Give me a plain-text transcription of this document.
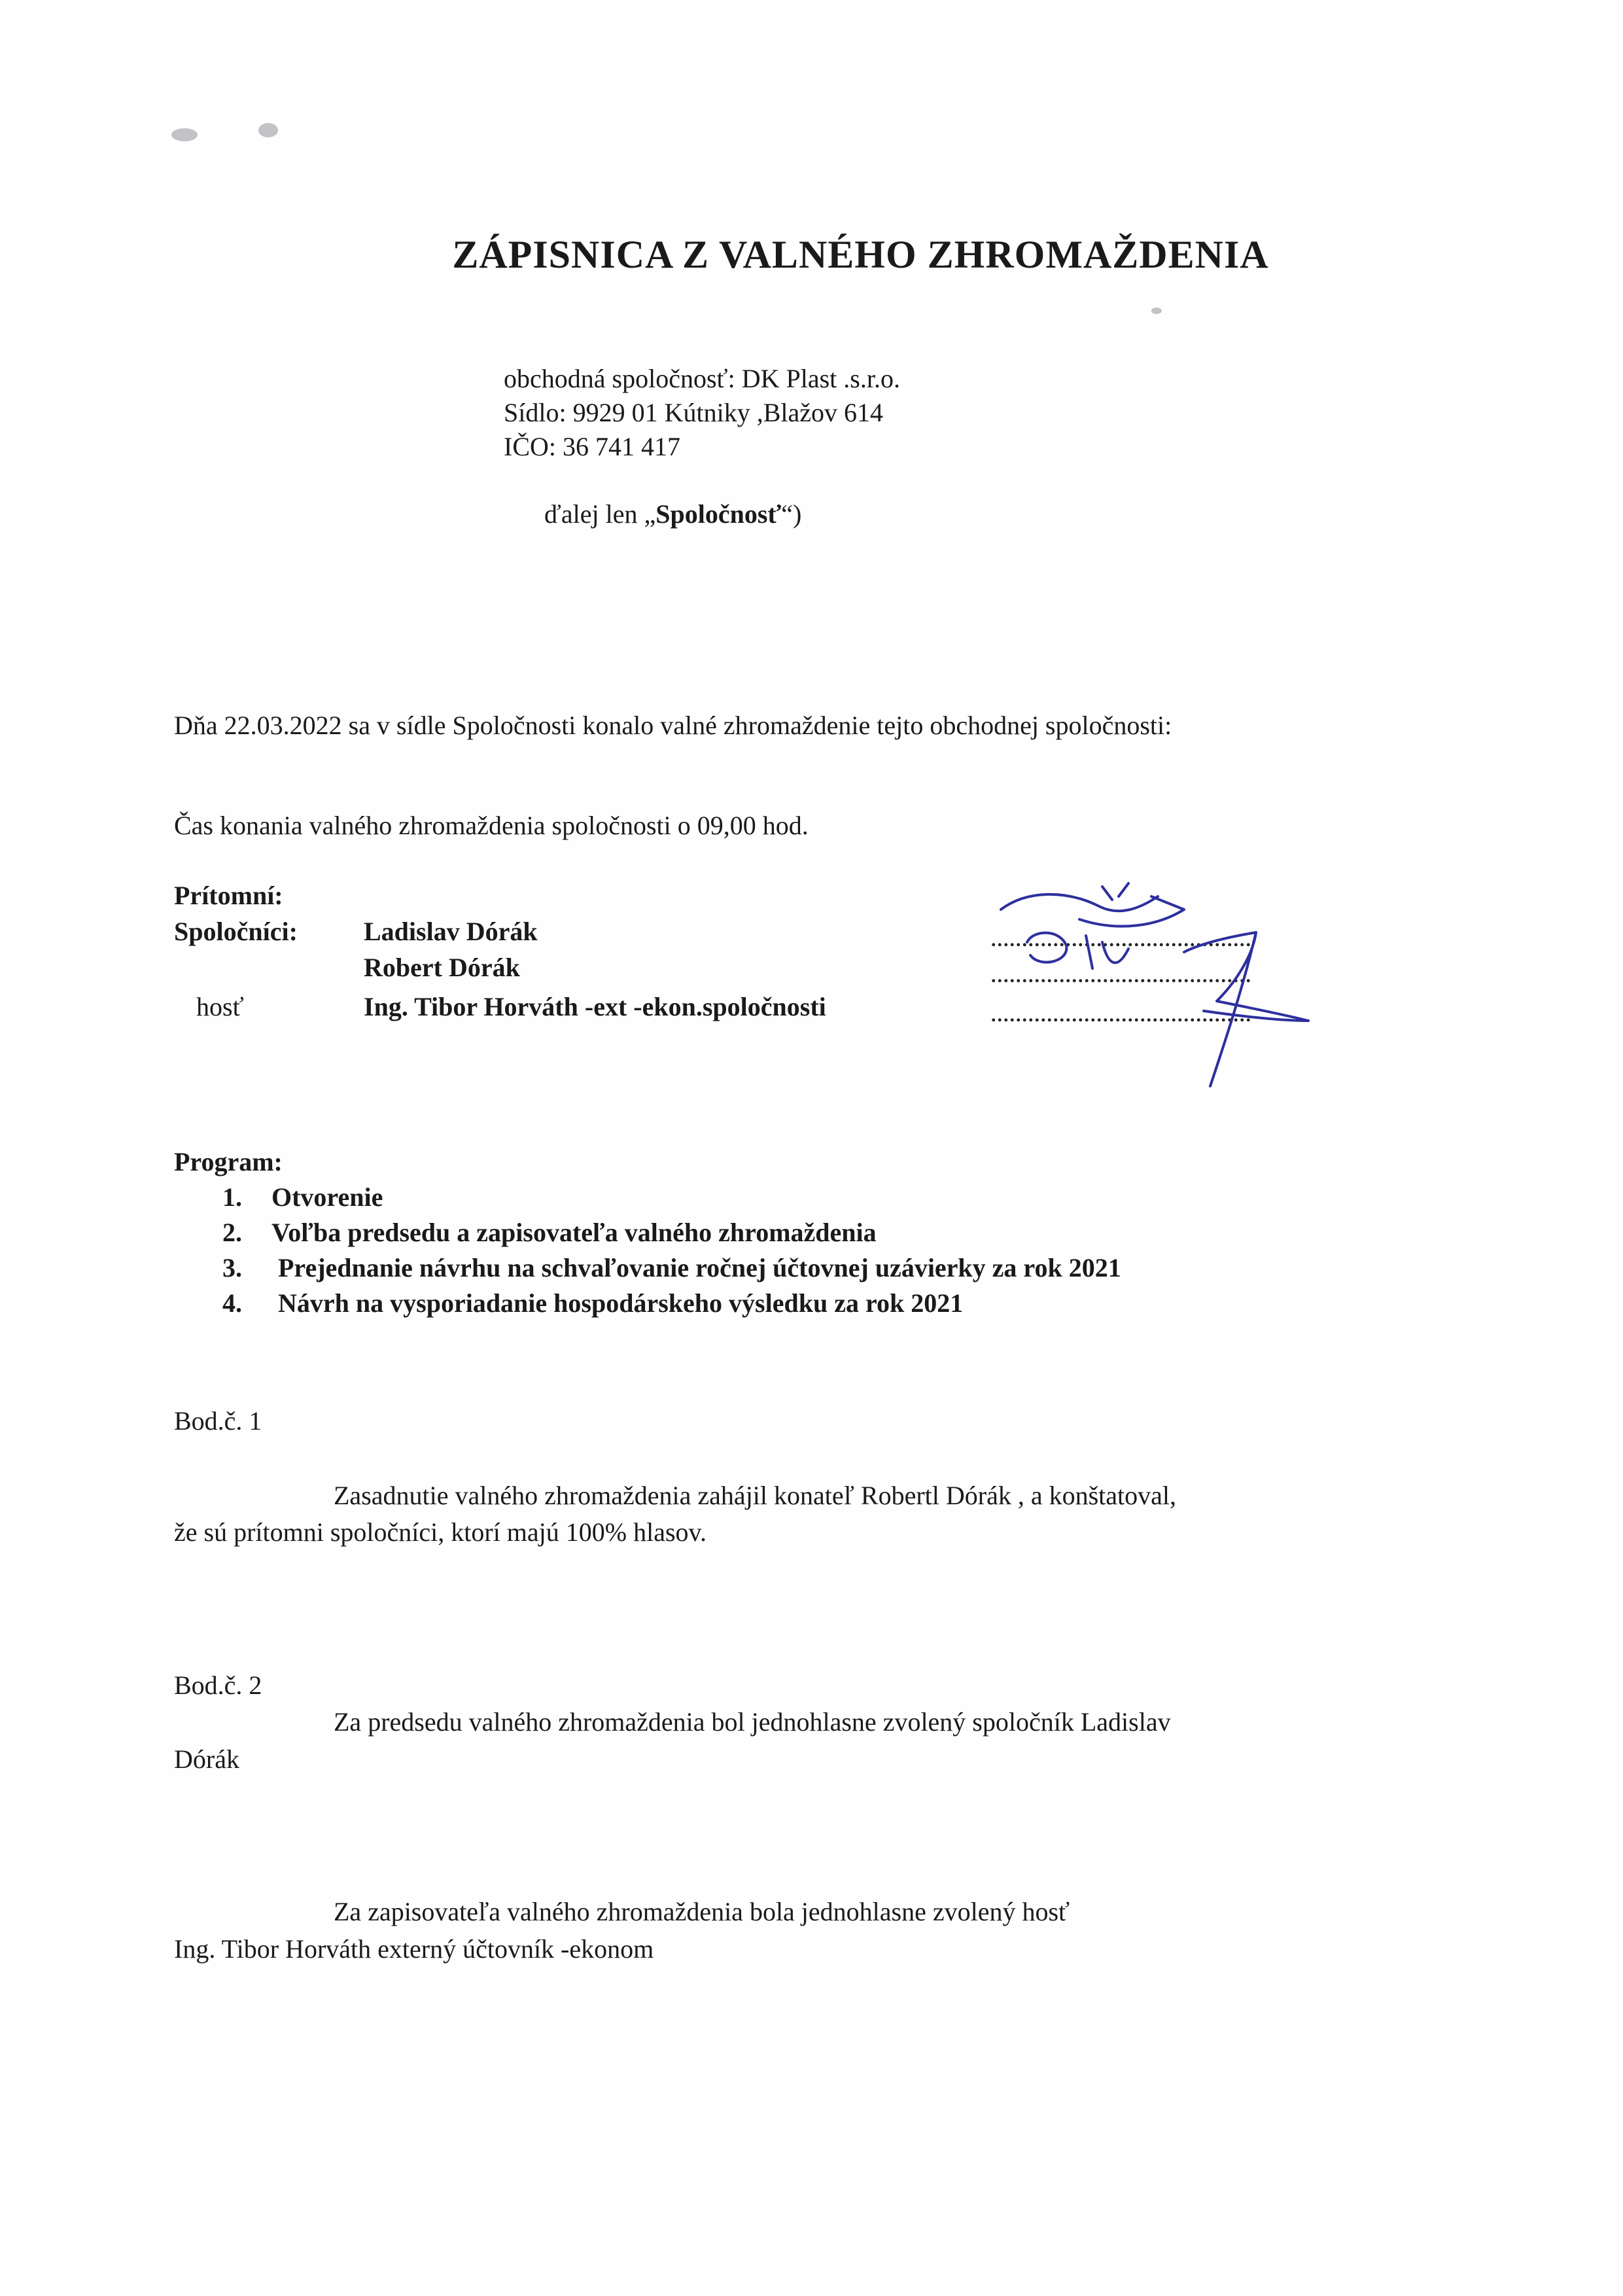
ZÁPISNICA Z VALNÉHO ZHROMAŽDENIA
obchodná spoločnosť: DK Plast .s.r.o.
Sídlo: 9929 01 Kútniky ,Blažov 614
IČO: 36 741 417
ďalej len „Spoločnosť“)
Dňa 22.03.2022 sa v sídle Spoločnosti konalo valné zhromaždenie tejto obchodnej spoločnosti:
Čas konania valného zhromaždenia spoločnosti o 09,00 hod.
Prítomní:
Spoločníci:	Ladislav Dórák
Robert Dórák
hosť	Ing. Tibor Horváth -ext -ekon.spoločnosti
..........................................
..........................................
..........................................
Program:
1. Otvorenie
2. Voľba predsedu a zapisovateľa valného zhromaždenia
3. Prejednanie návrhu na schvaľovanie ročnej účtovnej uzávierky za rok 2021
4. Návrh na vysporiadanie hospodárskeho výsledku za rok 2021
Bod.č. 1
Zasadnutie valného zhromaždenia zahájil konateľ Robertl Dórák , a konštatoval,
že sú prítomni spoločníci, ktorí majú 100% hlasov.
Bod.č. 2
Za predsedu valného zhromaždenia bol jednohlasne zvolený spoločník Ladislav
Dórák
Za zapisovateľa valného zhromaždenia bola jednohlasne zvolený hosť
Ing. Tibor Horváth externý účtovník -ekonom
